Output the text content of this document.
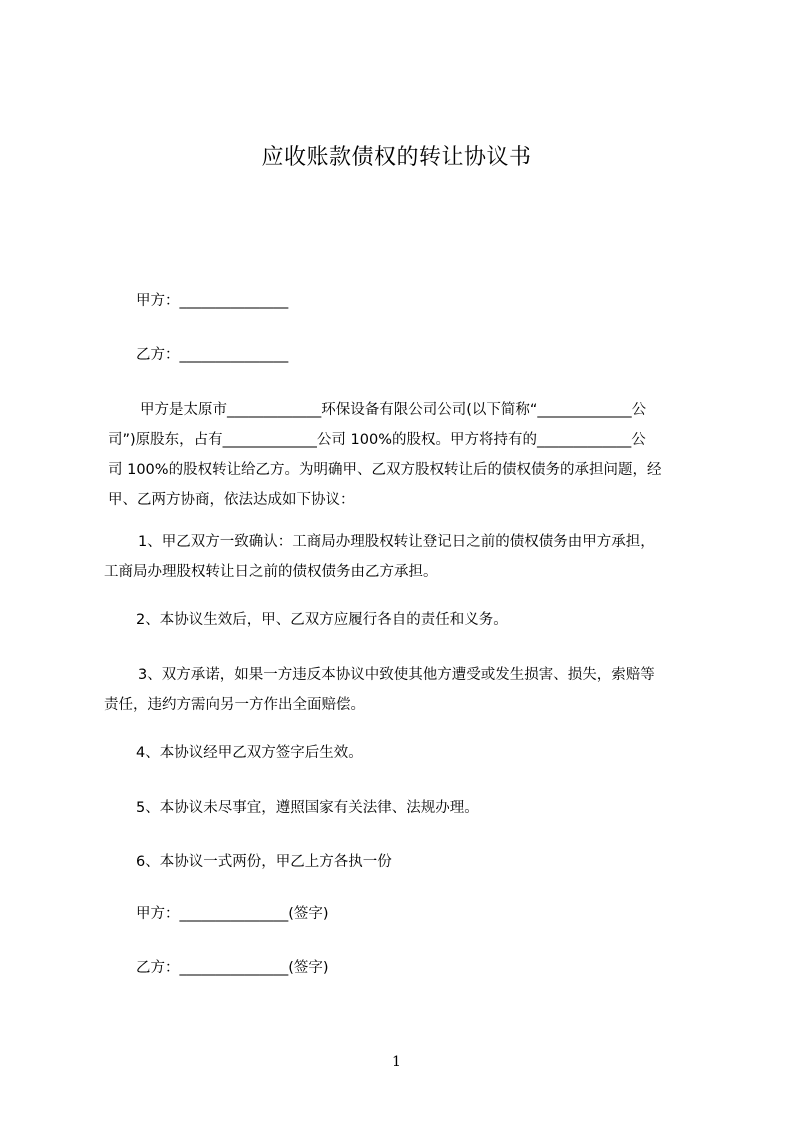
应收账款债权的转让协议书
甲方：_______________
乙方：_______________
甲方是太原市_____________环保设备有限公司公司(以下简称“_____________公
司”)原股东，占有_____________公司 100%的股权。甲方将持有的_____________公
司 100%的股权转让给乙方。为明确甲、乙双方股权转让后的债权债务的承担问题，经
甲、乙两方协商，依法达成如下协议：
1、甲乙双方一致确认：工商局办理股权转让登记日之前的债权债务由甲方承担，
工商局办理股权转让日之前的债权债务由乙方承担。
2、本协议生效后，甲、乙双方应履行各自的责任和义务。
3、双方承诺，如果一方违反本协议中致使其他方遭受或发生损害、损失，索赔等
责任，违约方需向另一方作出全面赔偿。
4、本协议经甲乙双方签字后生效。
5、本协议未尽事宜，遵照国家有关法律、法规办理。
6、本协议一式两份，甲乙上方各执一份
甲方：_______________(签字)
乙方：_______________(签字)
1
